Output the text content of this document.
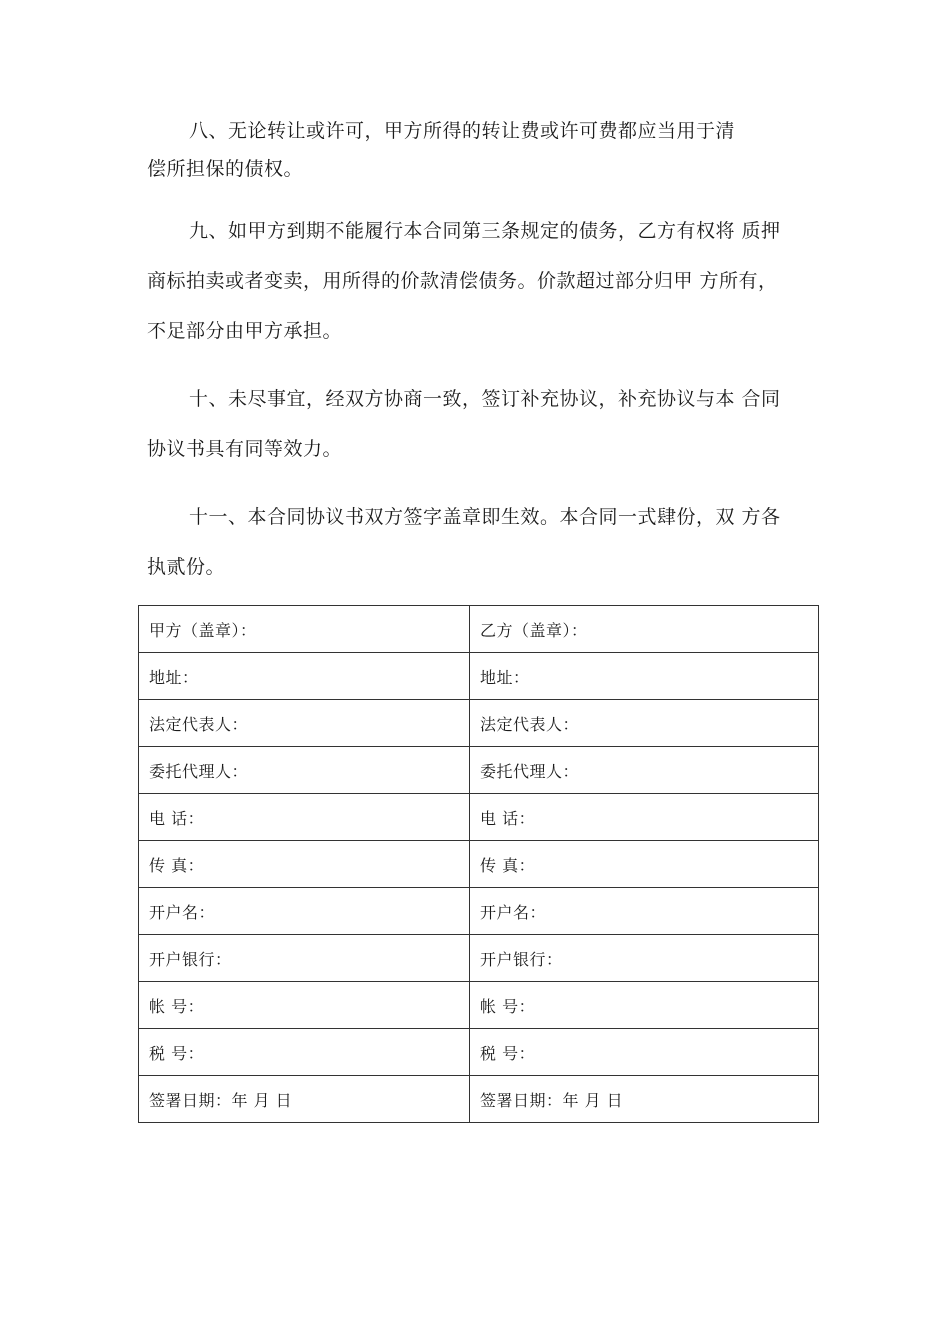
八、无论转让或许可，甲方所得的转让费或许可费都应当用于清
偿所担保的债权。

九、如甲方到期不能履行本合同第三条规定的债务，乙方有权将 质押
商标拍卖或者变卖，用所得的价款清偿债务。价款超过部分归甲 方所有，
不足部分由甲方承担。

十、未尽事宜，经双方协商一致，签订补充协议，补充协议与本 合同
协议书具有同等效力。

十一、本合同协议书双方签字盖章即生效。本合同一式肆份，双 方各
执贰份。

甲方（盖章）：	乙方（盖章）：
地址：	地址：
法定代表人：	法定代表人：
委托代理人：	委托代理人：
电 话：	电 话：
传 真：	传 真：
开户名：	开户名：
开户银行：	开户银行：
帐 号：	帐 号：
税 号：	税 号：
签署日期：年 月 日	签署日期：年 月 日
